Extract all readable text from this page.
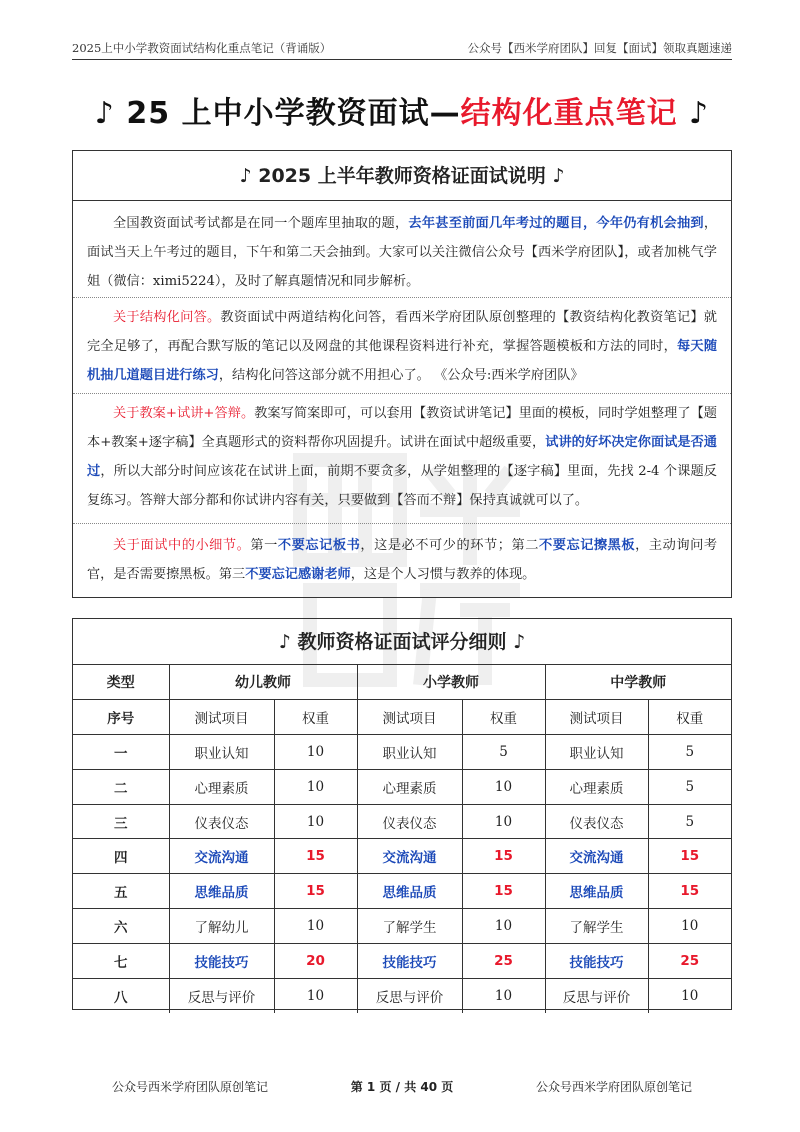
2025上中小学教资面试结构化重点笔记（背诵版）	公众号【西米学府团队】回复【面试】领取真题速递
♪ 25 上中小学教资面试—结构化重点笔记 ♪
♪ 2025 上半年教师资格证面试说明 ♪
全国教资面试考试都是在同一个题库里抽取的题，去年甚至前面几年考过的题目，今年仍有机会抽到，面试当天上午考过的题目，下午和第二天会抽到。大家可以关注微信公众号【西米学府团队】，或者加桃气学姐（微信：ximi5224），及时了解真题情况和同步解析。
关于结构化问答。教资面试中两道结构化问答，看西米学府团队原创整理的【教资结构化教资笔记】就完全足够了，再配合默写版的笔记以及网盘的其他课程资料进行补充，掌握答题模板和方法的同时，每天随机抽几道题目进行练习，结构化问答这部分就不用担心了。 《公众号:西米学府团队》
关于教案+试讲+答辩。教案写简案即可，可以套用【教资试讲笔记】里面的模板，同时学姐整理了【题本+教案+逐字稿】全真题形式的资料帮你巩固提升。试讲在面试中超级重要，试讲的好坏决定你面试是否通过，所以大部分时间应该花在试讲上面，前期不要贪多，从学姐整理的【逐字稿】里面，先找 2-4 个课题反复练习。答辩大部分都和你试讲内容有关，只要做到【答而不辩】保持真诚就可以了。
关于面试中的小细节。第一不要忘记板书，这是必不可少的环节；第二不要忘记擦黑板，主动询问考官，是否需要擦黑板。第三不要忘记感谢老师，这是个人习惯与教养的体现。
♪ 教师资格证面试评分细则 ♪
类型	幼儿教师		小学教师		中学教师	
序号	测试项目	权重	测试项目	权重	测试项目	权重
一	职业认知	10	职业认知	5	职业认知	5
二	心理素质	10	心理素质	10	心理素质	5
三	仪表仪态	10	仪表仪态	10	仪表仪态	5
四	交流沟通	15	交流沟通	15	交流沟通	15
五	思维品质	15	思维品质	15	思维品质	15
六	了解幼儿	10	了解学生	10	了解学生	10
七	技能技巧	20	技能技巧	25	技能技巧	25
八	反思与评价	10	反思与评价	10	反思与评价	10
公众号西米学府团队原创笔记	第 1 页 / 共 40 页	公众号西米学府团队原创笔记
